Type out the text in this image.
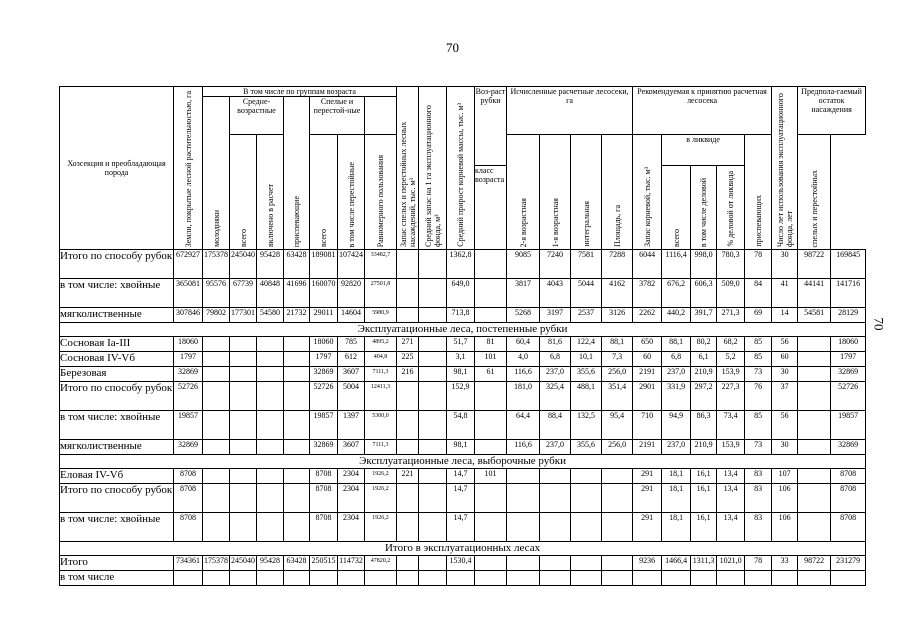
70
70
Хозсекция и преобладающая порода	Земли, покрытые лесной растительностью, га	В том числе по группам возраста							Запас спелых и перестойных лесных насаждений, тыс. м³	Средний запас на 1 га эксплуатационного фонда, м³	Средний прирост корневой массы, тыс. м³	Воз-раст рубки	Исчисленные расчетные лесосеки, га				Рекомендуемая к принятию расчетная лесосека					Число лет использования эксплуатационного фонда, лет	Предпола-гаемый остаток насаждения	
		молодняки	Средне-возрастные		приспевающие	Спелые и перестой-ные																		
			всего	включено в расчет		всего	в том числе перестойные	Равномерного пользования					2-я возрастная	1-я возрастная	интегральная	Площадь, га	Запас корневой, тыс. м³	в ликвиде			приспевающих		спелых и перестойных	
												класс возраста						всего	в том числе деловой	% деловой от ликвида				
Итого по способу рубок	672927	175378	245040	95428	63428	189081	107424	33482,7			1362,8		9085	7240	7581	7288	6044	1116,4	998,0	780,3	78	30	98722	169845
в том числе: хвойные	365081	95576	67739	40848	41696	160070	92820	27501,8			649,0		3817	4043	5044	4162	3782	676,2	606,3	509,0	84	41	44141	141716
мягколиственные	307846	79802	177301	54580	21732	29011	14604	5980,9			713,8		5268	3197	2537	3126	2262	440,2	391,7	271,3	69	14	54581	28129
Эксплуатационные леса, постепенные рубки																								
Сосновая Ia-III	18060					18060	785	4895,2	271		51,7	81	60,4	81,6	122,4	88,1	650	88,1	80,2	68,2	85	56		18060
Сосновая IV-Vб	1797					1797	612	404,8	225		3,1	101	4,0	6,8	10,1	7,3	60	6,8	6,1	5,2	85	60		1797
Березовая	32869					32869	3607	7111,3	216		98,1	61	116,6	237,0	355,6	256,0	2191	237,0	210,9	153,9	73	30		32869
Итого по способу рубок	52726					52726	5004	12411,3			152,9		181,0	325,4	488,1	351,4	2901	331,9	297,2	227,3	76	37		52726
в том числе: хвойные	19857					19857	1397	5300,0			54,8		64,4	88,4	132,5	95,4	710	94,9	86,3	73,4	85	56		19857
мягколиственные	32869					32869	3607	7111,3			98,1		116,6	237,0	355,6	256,0	2191	237,0	210,9	153,9	73	30		32869
Эксплуатационные леса, выборочные рубки																								
Еловая IV-Vб	8708					8708	2304	1926,2	221		14,7	101					291	18,1	16,1	13,4	83	107		8708
Итого по способу рубок	8708					8708	2304	1926,2			14,7						291	18,1	16,1	13,4	83	106		8708
в том числе: хвойные	8708					8708	2304	1926,2			14,7						291	18,1	16,1	13,4	83	106		8708
Итого в эксплуатационных лесах																								
Итого	734361	175378	245040	95428	63428	250515	114732	47820,2			1530,4						9236	1466,4	1311,3	1021,0	78	33	98722	231279
в том числе																								
